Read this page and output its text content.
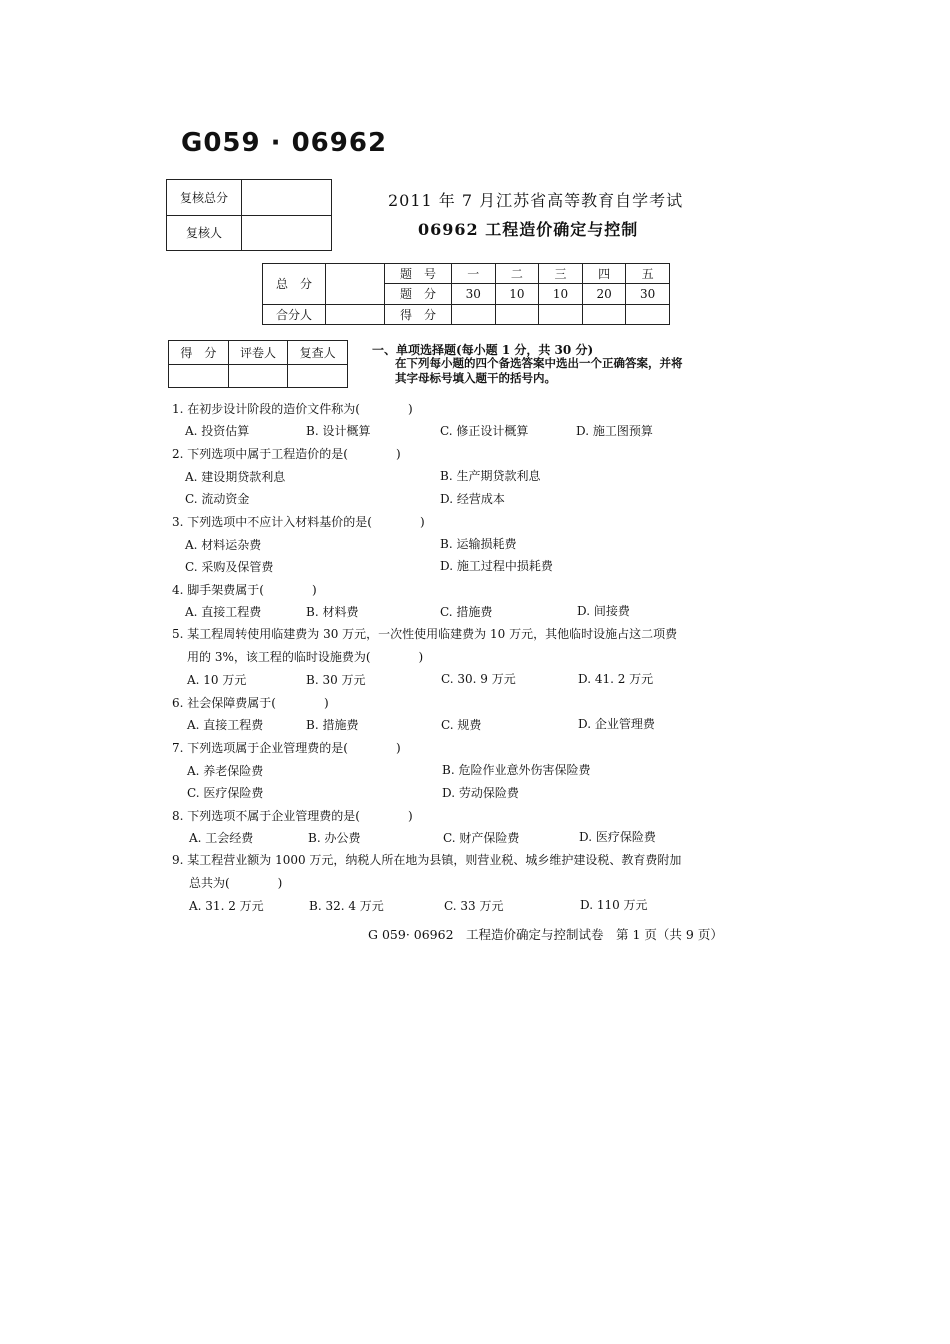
G059 · 06962
复核总分	
复核人	
2011 年 7 月江苏省高等教育自学考试
06962 工程造价确定与控制
总　分		题　号	一	二	三	四	五
		题　分	30	10	10	20	30
合分人		得　分					
得　分	评卷人	复查人
			一、单项选择题(每小题 1 分，共 30 分)
在下列每小题的四个备选答案中选出一个正确答案，并将
其字母标号填入题干的括号内。
1. 在初步设计阶段的造价文件称为(　　　　)
A. 投资估算	B. 设计概算	C. 修正设计概算	D. 施工图预算
2. 下列选项中属于工程造价的是(　　　　)
A. 建设期贷款利息	B. 生产期贷款利息
C. 流动资金	D. 经营成本
3. 下列选项中不应计入材料基价的是(　　　　)
A. 材料运杂费	B. 运输损耗费
C. 采购及保管费	D. 施工过程中损耗费
4. 脚手架费属于(　　　　)
A. 直接工程费	B. 材料费	C. 措施费	D. 间接费
5. 某工程周转使用临建费为 30 万元，一次性使用临建费为 10 万元，其他临时设施占这二项费
用的 3%，该工程的临时设施费为(　　　　)
A. 10 万元	B. 30 万元	C. 30. 9 万元	D. 41. 2 万元
6. 社会保障费属于(　　　　)
A. 直接工程费	B. 措施费	C. 规费	D. 企业管理费
7. 下列选项属于企业管理费的是(　　　　)
A. 养老保险费	B. 危险作业意外伤害保险费
C. 医疗保险费	D. 劳动保险费
8. 下列选项不属于企业管理费的是(　　　　)
A. 工会经费	B. 办公费	C. 财产保险费	D. 医疗保险费
9. 某工程营业额为 1000 万元，纳税人所在地为县镇，则营业税、城乡维护建设税、教育费附加
总共为(　　　　)
A. 31. 2 万元	B. 32. 4 万元	C. 33 万元	D. 110 万元
G 059· 06962　工程造价确定与控制试卷　第 1 页（共 9 页）
